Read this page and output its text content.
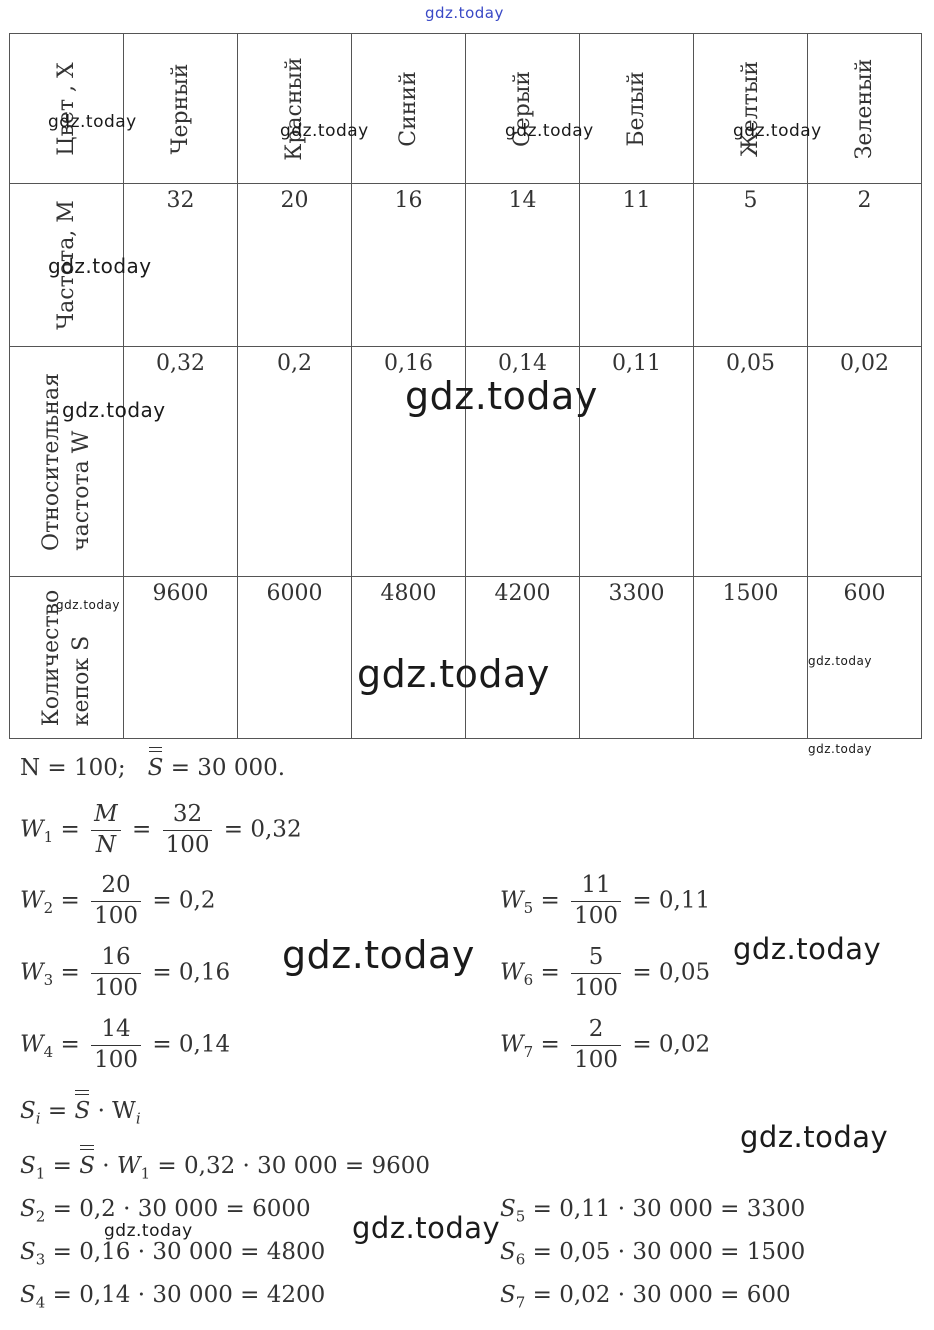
gdz.today
Цвет , X	Черный	Красный	Синий	Серый	Белый	Желтый	Зеленый

Частота, M	32	20	16	14	11	5	2

Относительная частота W	0,32	0,2	0,16	0,14	0,11	0,05	0,02

Количество кепок S	9600	6000	4800	4200	3300	1500	600
N = 100; S = 30 000.
$W_1 = \frac{M}{N} = \frac{32}{100} = 0,32$
$W_2 = \frac{20}{100} = 0,2$
$W_3 = \frac{16}{100} = 0,16$
$W_4 = \frac{14}{100} = 0,14$
$W_5 = \frac{11}{100} = 0,11$
$W_6 = \frac{5}{100} = 0,05$
$W_7 = \frac{2}{100} = 0,02$
$S_i = S \cdot W_i$
$S_1 = S \cdot W_1 = 0,32 \cdot 30$ 000 = 9600
$S_2 = 0,2 \cdot 30$ 000 = 6000
$S_3 = 0,16 \cdot 30$ 000 = 4800
$S_4 = 0,14 \cdot 30$ 000 = 4200
$S_5 = 0,11 \cdot 30$ 000 = 3300
$S_6 = 0,05 \cdot 30$ 000 = 1500
$S_7 = 0,02 \cdot 30$ 000 = 600
gdz.today	gdz.today	gdz.today	gdz.today
gdz.today
gdz.today	gdz.today
gdz.today
gdz.today	gdz.today
gdz.today
gdz.today	gdz.today
gdz.today
gdz.today	gdz.today
